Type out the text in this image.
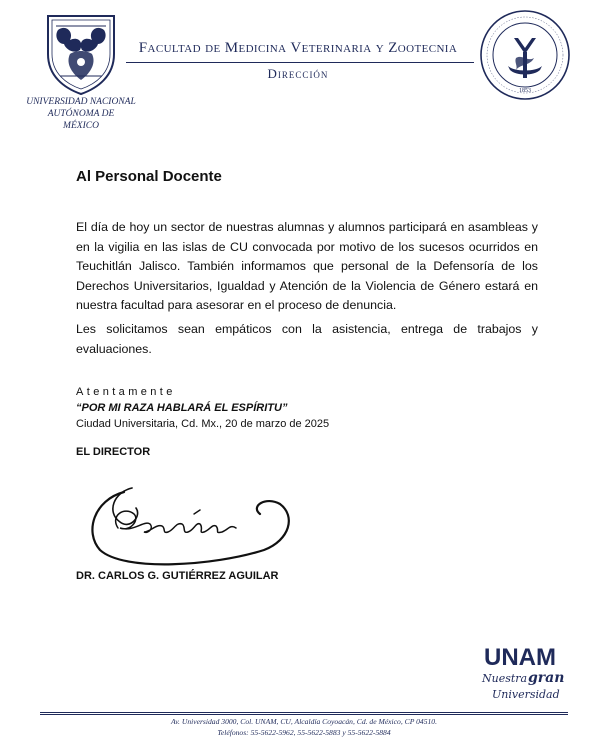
UNIVERSIDAD NACIONAL
AUTÓNOMA DE
MÉXICO
Facultad de Medicina Veterinaria y Zootecnia
Dirección
1853
Al Personal Docente
El día de hoy un sector de nuestras alumnas y alumnos participará en asambleas y en la vigilia en las islas de CU convocada por motivo de los sucesos ocurridos en Teuchitlán Jalisco. También informamos que personal de la Defensoría de los Derechos Universitarios, Igualdad y Atención de la Violencia de Género estará en nuestra facultad para asesorar en el proceso de denuncia.
Les solicitamos sean empáticos con la asistencia, entrega de trabajos y evaluaciones.
Atentamente
“POR MI RAZA HABLARÁ EL ESPÍRITU”
Ciudad Universitaria, Cd. Mx., 20 de marzo de 2025
EL DIRECTOR
DR. CARLOS G. GUTIÉRREZ AGUILAR
UNAM
Nuestra gran
Universidad
Av. Universidad 3000, Col. UNAM, CU, Alcaldía Coyoacán, Cd. de México, CP 04510.
Teléfonos: 55-5622-5962, 55-5622-5883 y 55-5622-5884
